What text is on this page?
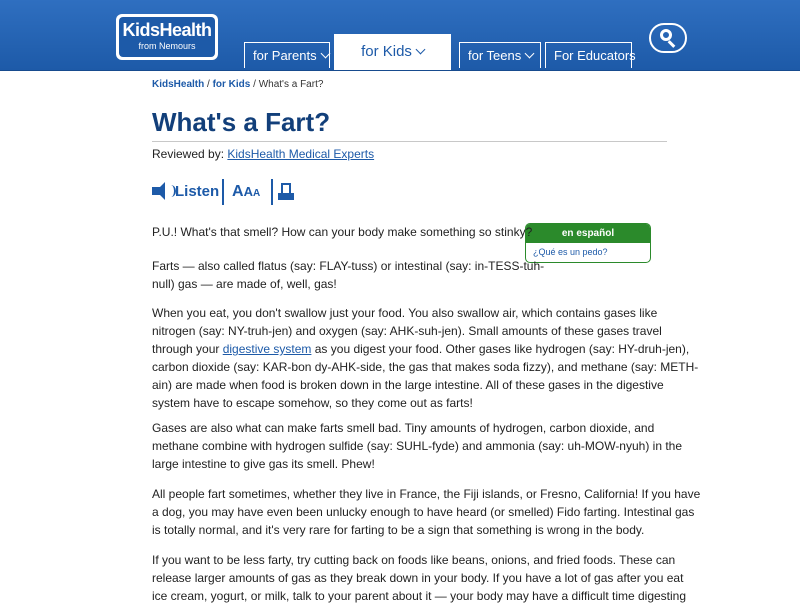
KidsHealth
from Nemours
for Parents	for Kids	for Teens	For Educators
KidsHealth / for Kids / What's a Fart?
What's a Fart?
Reviewed by: KidsHealth Medical Experts
Listen AAA
en español
¿Qué es un pedo?

P.U.! What's that smell? How can your body make something so stinky?

Farts — also called flatus (say: FLAY-tuss) or intestinal (say: in-TESS-tuh-
null) gas — are made of, well, gas!

When you eat, you don't swallow just your food. You also swallow air, which contains gases like
nitrogen (say: NY-truh-jen) and oxygen (say: AHK-suh-jen). Small amounts of these gases travel
through your digestive system as you digest your food. Other gases like hydrogen (say: HY-druh-jen),
carbon dioxide (say: KAR-bon dy-AHK-side, the gas that makes soda fizzy), and methane (say: METH-
ain) are made when food is broken down in the large intestine. All of these gases in the digestive
system have to escape somehow, so they come out as farts!

Gases are also what can make farts smell bad. Tiny amounts of hydrogen, carbon dioxide, and
methane combine with hydrogen sulfide (say: SUHL-fyde) and ammonia (say: uh-MOW-nyuh) in the
large intestine to give gas its smell. Phew!

All people fart sometimes, whether they live in France, the Fiji islands, or Fresno, California! If you have
a dog, you may have even been unlucky enough to have heard (or smelled) Fido farting. Intestinal gas
is totally normal, and it's very rare for farting to be a sign that something is wrong in the body.

If you want to be less farty, try cutting back on foods like beans, onions, and fried foods. These can
release larger amounts of gas as they break down in your body. If you have a lot of gas after you eat
ice cream, yogurt, or milk, talk to your parent about it — your body may have a difficult time digesting
